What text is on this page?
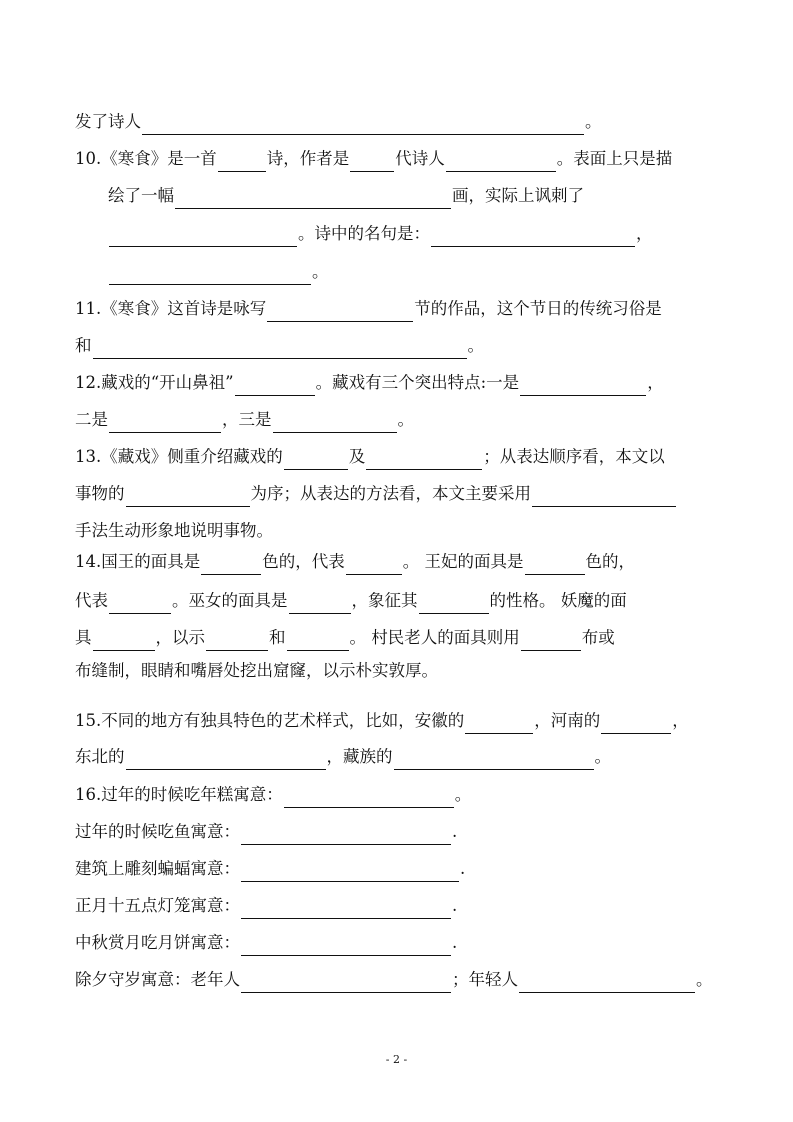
发了诗人	。
10.《寒食》是一首	诗，作者是	代诗人	。表面上只是描
绘了一幅	画，实际上讽刺了
。诗中的名句是：	，
。
11.《寒食》这首诗是咏写	节的作品，这个节日的传统习俗是
和	。
12.藏戏的“开山鼻祖”	。藏戏有三个突出特点:一是	，
二是	，三是	。
13.《藏戏》侧重介绍藏戏的	及	；从表达顺序看，本文以
事物的	为序；从表达的方法看，本文主要采用
手法生动形象地说明事物。
14.国王的面具是	色的，代表	。 王妃的面具是	色的，
代表	。巫女的面具是	，象征其	的性格。 妖魔的面
具	，以示	和	。 村民老人的面具则用	布或
布缝制，眼睛和嘴唇处挖出窟窿，以示朴实敦厚。
15.不同的地方有独具特色的艺术样式，比如，安徽的	，河南的	，
东北的	，藏族的	。
16.过年的时候吃年糕寓意：	。
过年的时候吃鱼寓意：	.
建筑上雕刻蝙蝠寓意：	.
正月十五点灯笼寓意：	.
中秋赏月吃月饼寓意：	.
除夕守岁寓意：老年人	；年轻人	。
- 2 -
